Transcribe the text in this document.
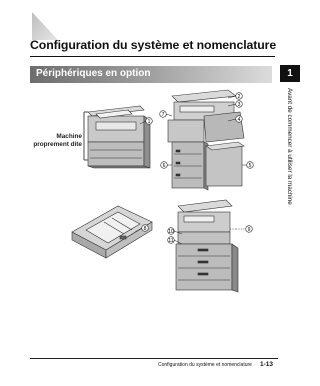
Configuration du système et nomenclature
Périphériques en option	1
Avant de commencer à utiliser la machine
Machine
proprement dite
1
2
3
4
5
6
7
8	9
10
11
Configuration du système et nomenclature 1-13
